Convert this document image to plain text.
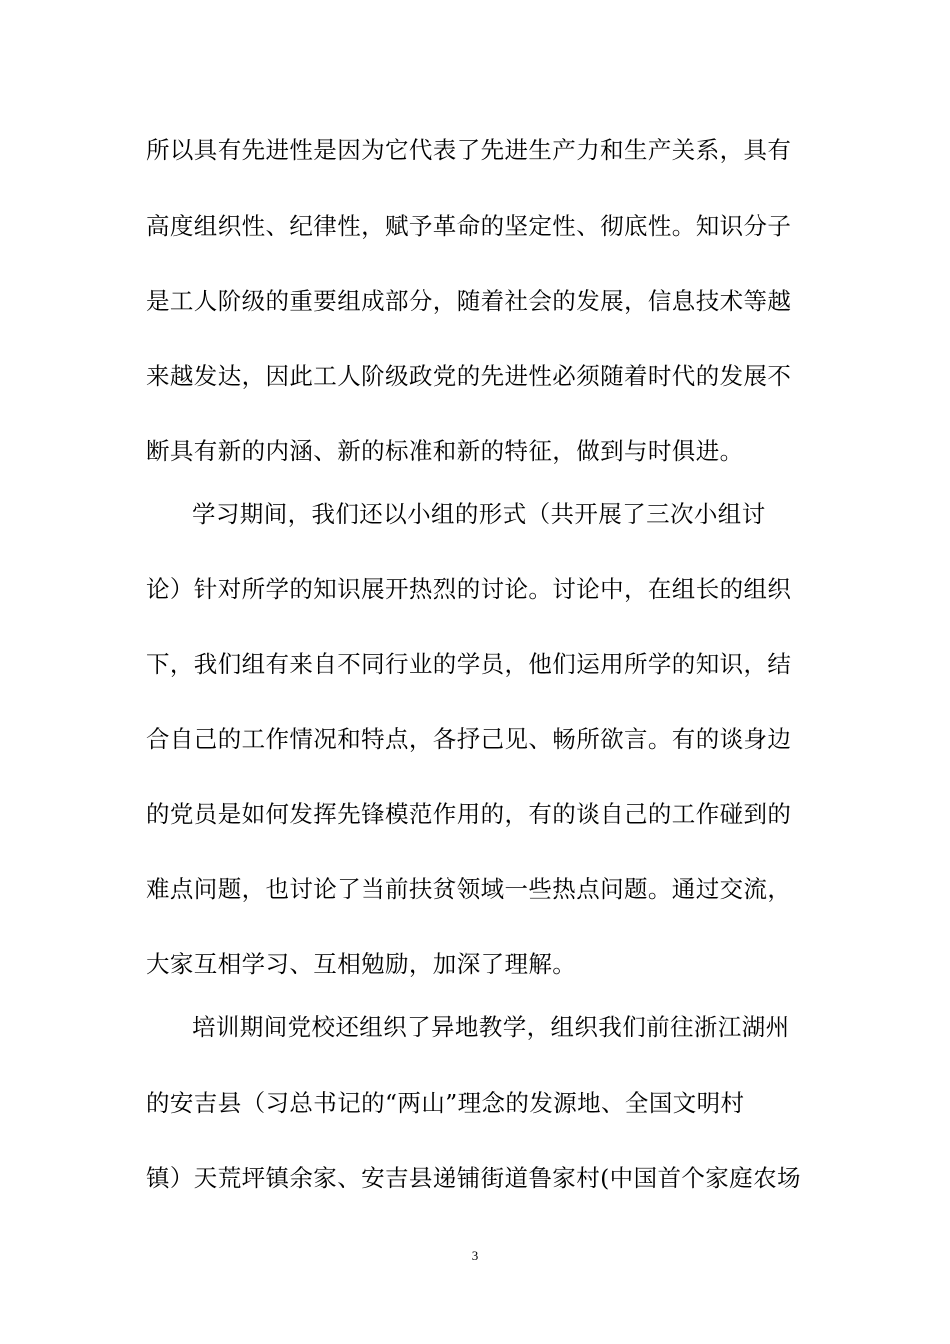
所以具有先进性是因为它代表了先进生产力和生产关系，具有
高度组织性、纪律性，赋予革命的坚定性、彻底性。知识分子
是工人阶级的重要组成部分，随着社会的发展，信息技术等越
来越发达，因此工人阶级政党的先进性必须随着时代的发展不
断具有新的内涵、新的标准和新的特征，做到与时俱进。
学习期间，我们还以小组的形式（共开展了三次小组讨
论）针对所学的知识展开热烈的讨论。讨论中，在组长的组织
下，我们组有来自不同行业的学员，他们运用所学的知识，结
合自己的工作情况和特点，各抒己见、畅所欲言。有的谈身边
的党员是如何发挥先锋模范作用的，有的谈自己的工作碰到的
难点问题，也讨论了当前扶贫领域一些热点问题。通过交流，
大家互相学习、互相勉励，加深了理解。
培训期间党校还组织了异地教学，组织我们前往浙江湖州
的安吉县（习总书记的“两山”理念的发源地、全国文明村
镇）天荒坪镇余家、安吉县递铺街道鲁家村(中国首个家庭农场
3
